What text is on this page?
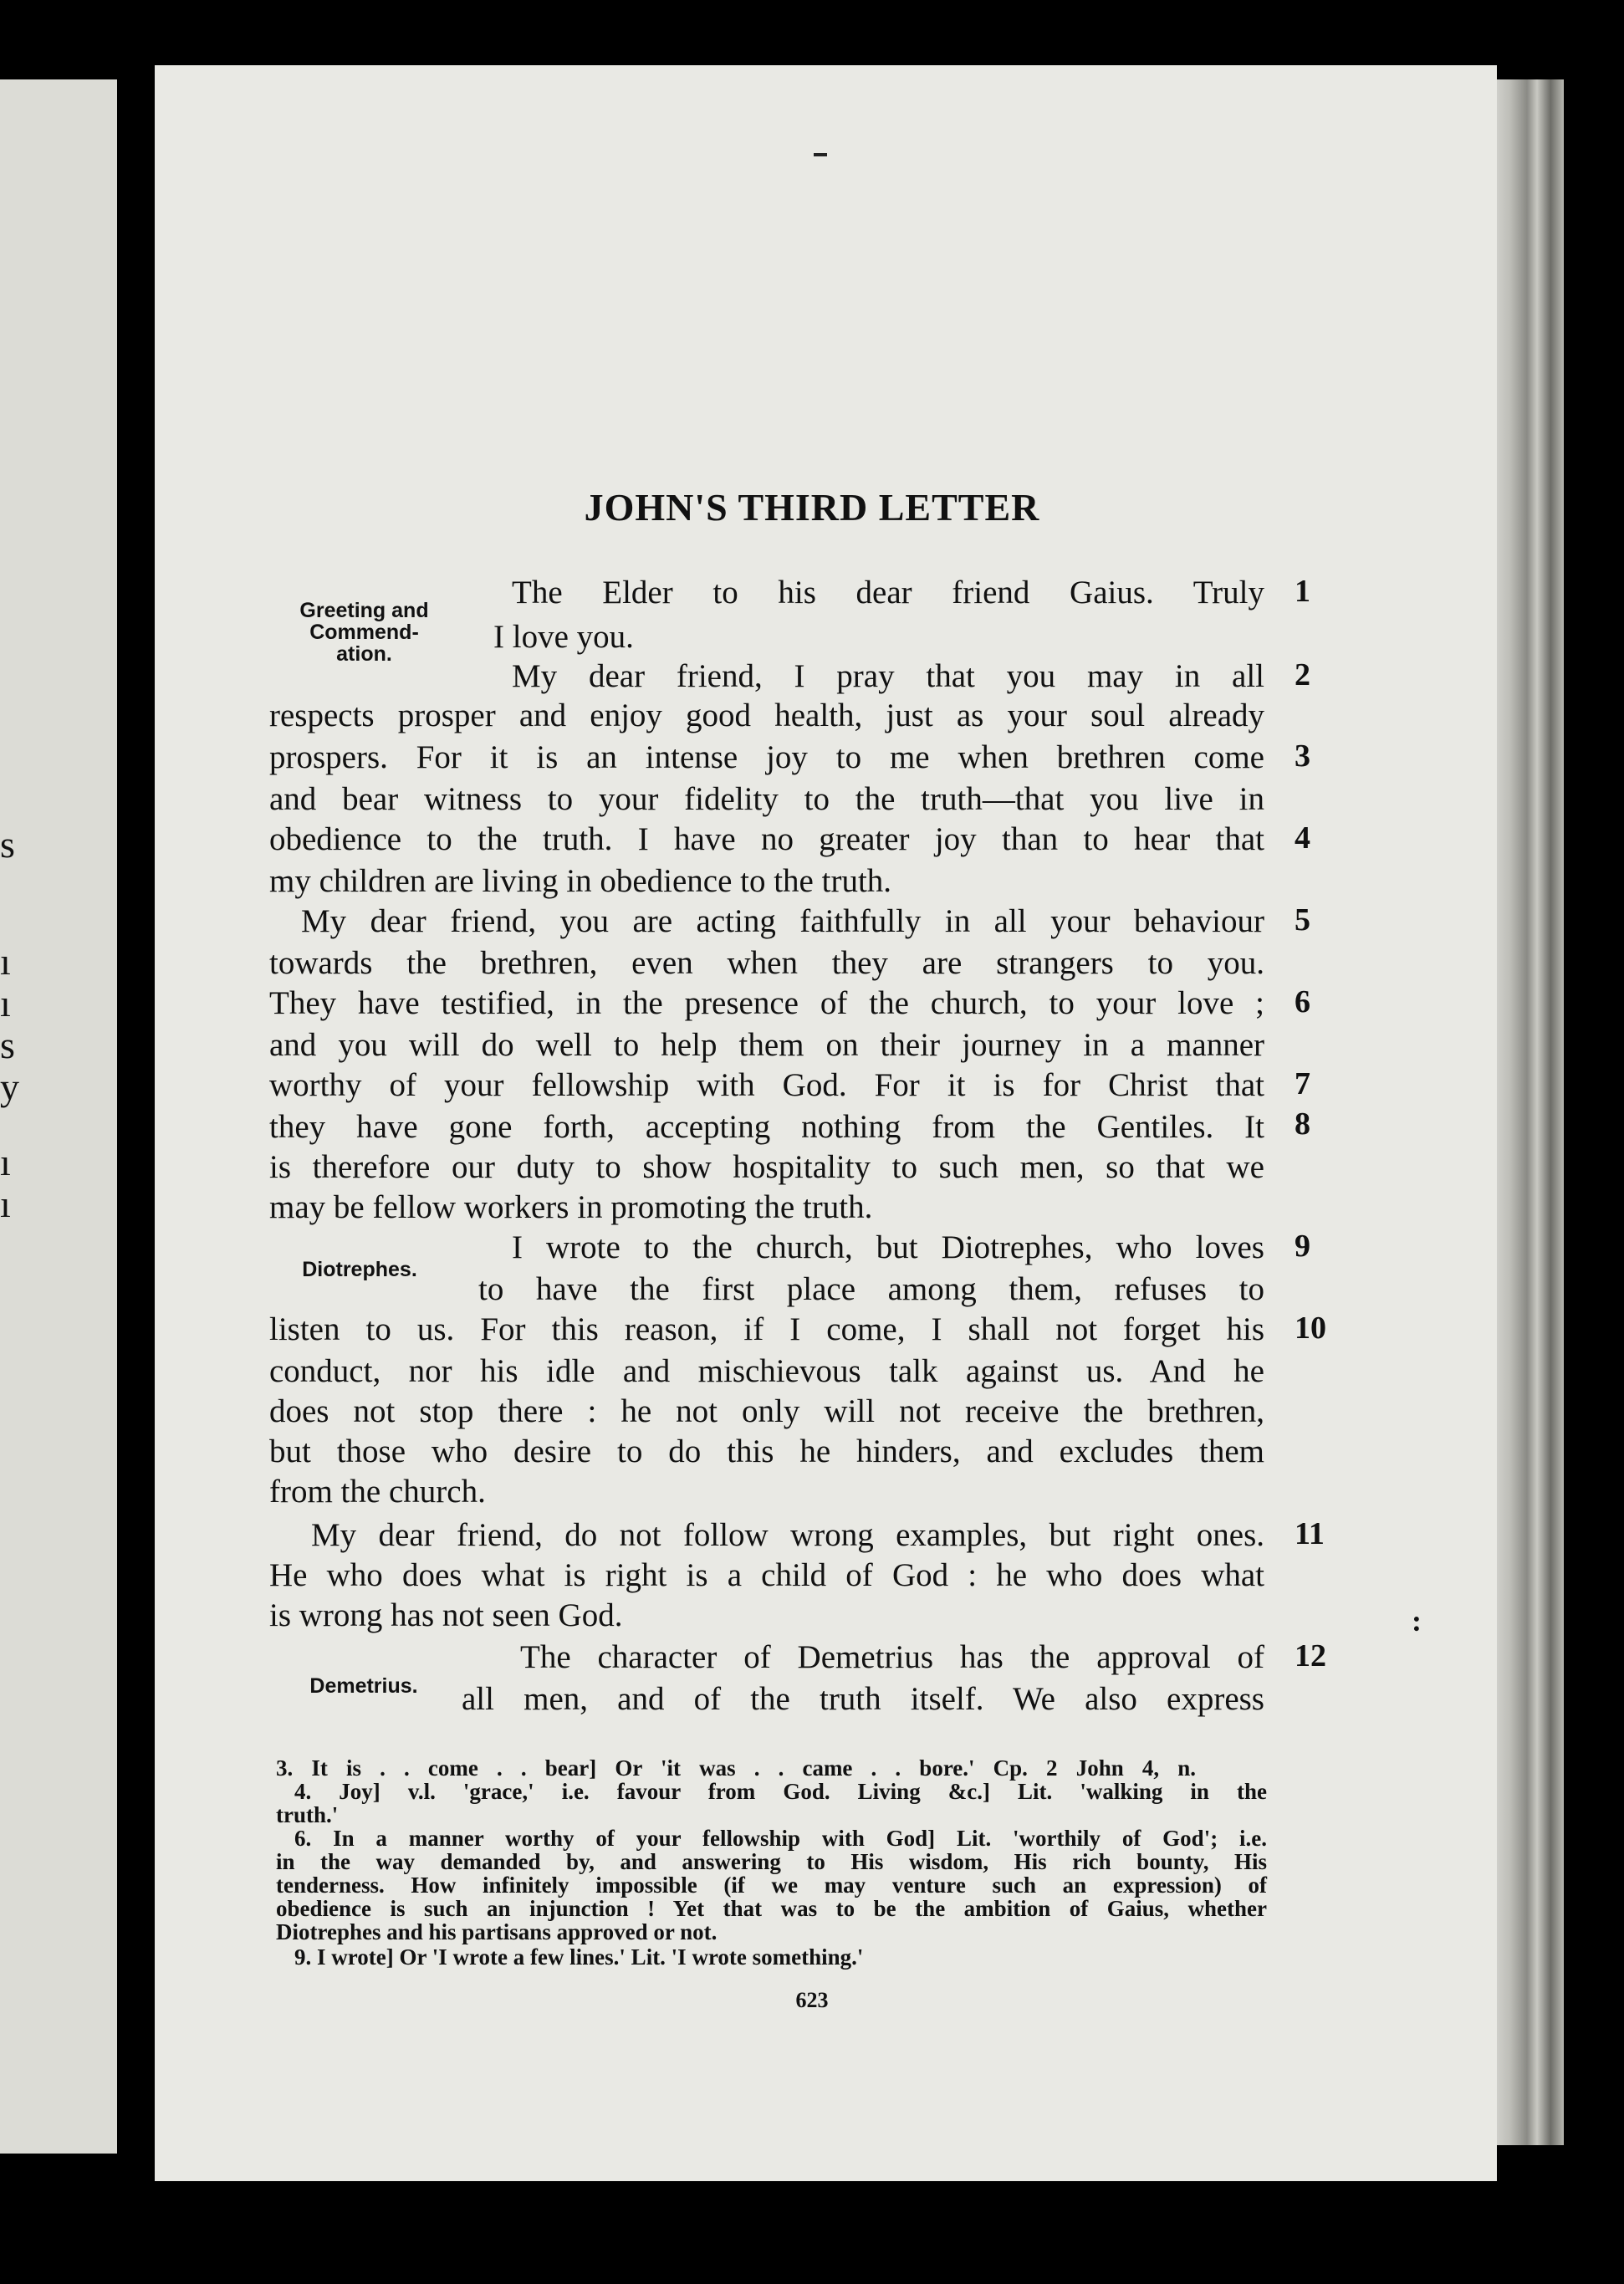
s
ı
ı
s
y
ı
ı
JOHN'S THIRD LETTER
Greeting and
Commend-
ation.
Diotrephes.
Demetrius.
The Elder to his dear friend Gaius. Truly
I love you.
My dear friend, I pray that you may in all
respects prosper and enjoy good health, just as your soul already
prospers. For it is an intense joy to me when brethren come
and bear witness to your fidelity to the truth—that you live in
obedience to the truth. I have no greater joy than to hear that
my children are living in obedience to the truth.
My dear friend, you are acting faithfully in all your behaviour
towards the brethren, even when they are strangers to you.
They have testified, in the presence of the church, to your love ;
and you will do well to help them on their journey in a manner
worthy of your fellowship with God. For it is for Christ that
they have gone forth, accepting nothing from the Gentiles. It
is therefore our duty to show hospitality to such men, so that we
may be fellow workers in promoting the truth.
I wrote to the church, but Diotrephes, who loves
to have the first place among them, refuses to
listen to us. For this reason, if I come, I shall not forget his
conduct, nor his idle and mischievous talk against us. And he
does not stop there : he not only will not receive the brethren,
but those who desire to do this he hinders, and excludes them
from the church.
My dear friend, do not follow wrong examples, but right ones.
He who does what is right is a child of God : he who does what
is wrong has not seen God.
The character of Demetrius has the approval of
all men, and of the truth itself. We also express
1
2
3
4
5
6
7
8
9
10
11
12
:
3. It is . . come . . bear] Or 'it was . . came . . bore.' Cp. 2 John 4, n.
4. Joy] v.l. 'grace,' i.e. favour from God. Living &c.] Lit. 'walking in the
truth.'
6. In a manner worthy of your fellowship with God] Lit. 'worthily of God'; i.e.
in the way demanded by, and answering to His wisdom, His rich bounty, His
tenderness. How infinitely impossible (if we may venture such an expression) of
obedience is such an injunction ! Yet that was to be the ambition of Gaius, whether
Diotrephes and his partisans approved or not.
9. I wrote] Or 'I wrote a few lines.' Lit. 'I wrote something.'
623
